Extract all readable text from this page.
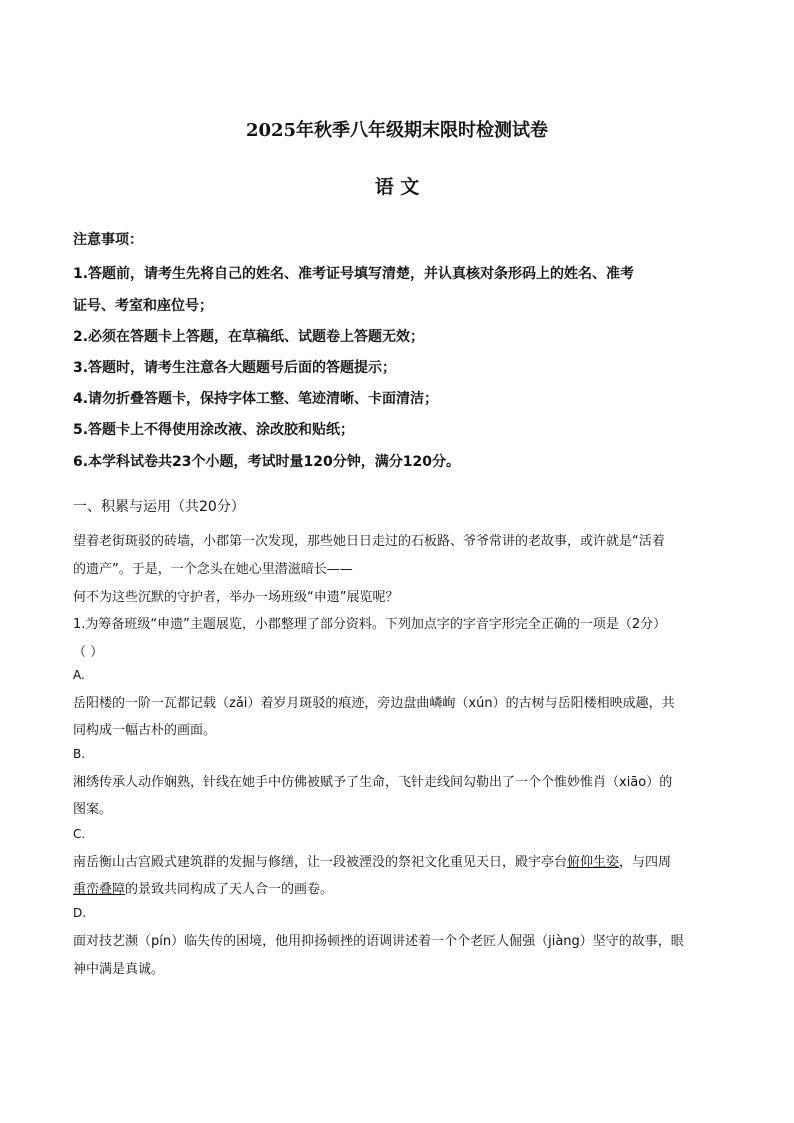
2025年秋季八年级期末限时检测试卷
语 文
注意事项：
1.答题前，请考生先将自己的姓名、准考证号填写清楚，并认真核对条形码上的姓名、准考
证号、考室和座位号；
2.必须在答题卡上答题，在草稿纸、试题卷上答题无效；
3.答题时，请考生注意各大题题号后面的答题提示；
4.请勿折叠答题卡，保持字体工整、笔迹清晰、卡面清洁；
5.答题卡上不得使用涂改液、涂改胶和贴纸；
6.本学科试卷共23个小题，考试时量120分钟，满分120分。
一、积累与运用（共20分）
望着老街斑驳的砖墙，小郡第一次发现，那些她日日走过的石板路、爷爷常讲的老故事，或许就是“活着
的遗产”。于是，一个念头在她心里潜滋暗长——
何不为这些沉默的守护者，举办一场班级“申遗”展览呢？
1.为筹备班级“申遗”主题展览，小郡整理了部分资料。下列加点字的字音字形完全正确的一项是（2分）
（ ）
A.
岳阳楼的一阶一瓦都记载（zǎi）着岁月斑驳的痕迹，旁边盘曲嶙峋（xún）的古树与岳阳楼相映成趣，共
同构成一幅古朴的画面。
B.
湘绣传承人动作娴熟，针线在她手中仿佛被赋予了生命，飞针走线间勾勒出了一个个惟妙惟肖（xiāo）的
图案。
C.
南岳衡山古宫殿式建筑群的发掘与修缮，让一段被湮没的祭祀文化重见天日，殿宇亭台俯仰生姿，与四周
重峦叠障的景致共同构成了天人合一的画卷。
D.
面对技艺濒（pín）临失传的困境，他用抑扬顿挫的语调讲述着一个个老匠人倔强（jiàng）坚守的故事，眼
神中满是真诚。
